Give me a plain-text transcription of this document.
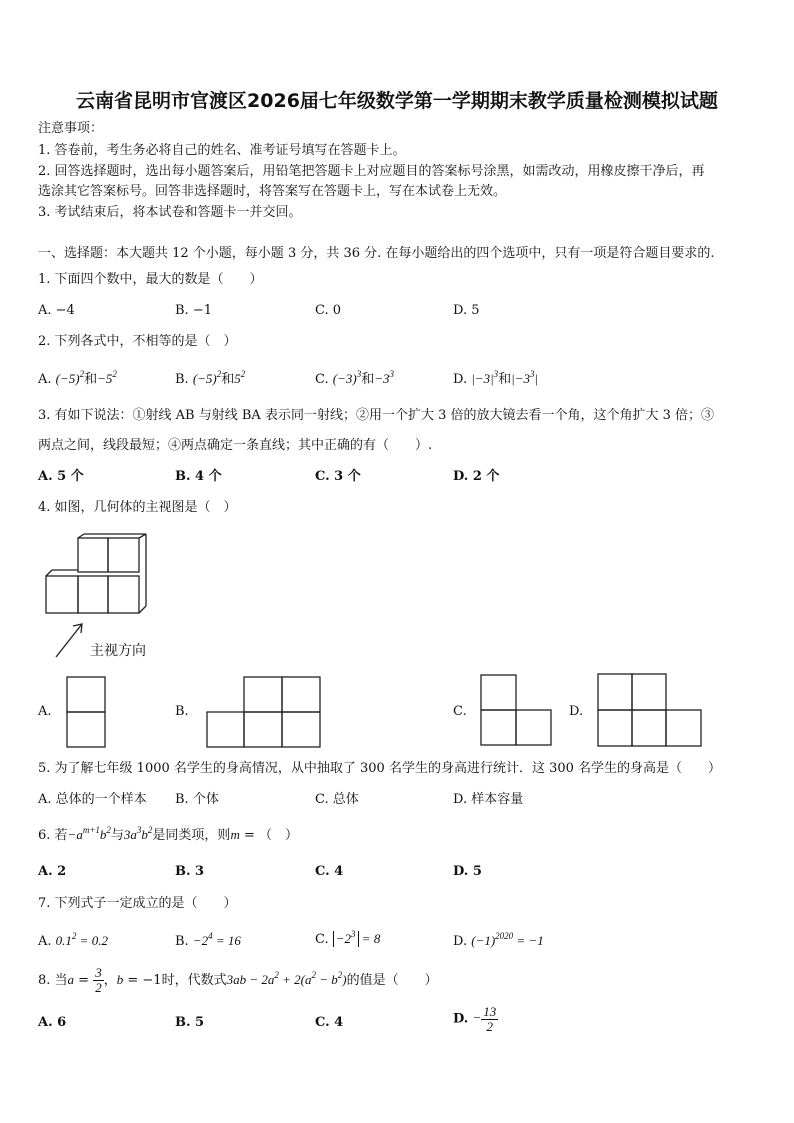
云南省昆明市官渡区2026届七年级数学第一学期期末教学质量检测模拟试题
注意事项：
1. 答卷前，考生务必将自己的姓名、准考证号填写在答题卡上。
2. 回答选择题时，选出每小题答案后，用铅笔把答题卡上对应题目的答案标号涂黑，如需改动，用橡皮擦干净后，再
选涂其它答案标号。回答非选择题时，将答案写在答题卡上，写在本试卷上无效。
3. 考试结束后，将本试卷和答题卡一并交回。
一、选择题：本大题共 12 个小题，每小题 3 分，共 36 分. 在每小题给出的四个选项中，只有一项是符合题目要求的.
1. 下面四个数中，最大的数是（　　）
A. −4	B. −1	C. 0	D. 5
2. 下列各式中，不相等的是（　）
A. $(-5)^2$和$-5^2$	B. $(-5)^2$和$5^2$	C. $(-3)^3$和$-3^3$	D. $|-3|^3$和$|-3^3|$
3. 有如下说法：①射线 AB 与射线 BA 表示同一射线；②用一个扩大 3 倍的放大镜去看一个角，这个角扩大 3 倍；③
两点之间，线段最短；④两点确定一条直线；其中正确的有（　　）.
A. 5 个	B. 4 个	C. 3 个	D. 2 个
4. 如图，几何体的主视图是（　）
主视方向
A.	B.	C.	D.
5. 为了解七年级 1000 名学生的身高情况，从中抽取了 300 名学生的身高进行统计．这 300 名学生的身高是（　　）
A. 总体的一个样本 B. 个体	C. 总体	D. 样本容量
6. 若$-a^{m+1}b^2$与$3a^3b^2$是同类项，则m = （　）
A. 2	B. 3	C. 4	D. 5
7. 下列式子一定成立的是（　　）
A. $0.1^2 = 0.2$	B. $-2^4 = 16$	C. $-2^3 = 8$	D. $(-1)^{2020} = -1$
8. 当$a = \frac{3}{2}$ ，b = −1时，代数式$3ab - 2a^2 + 2(a^2 - b^2)$的值是（　　）
A. 6	B. 5	C. 4	D. − $\frac{13}{2}$
